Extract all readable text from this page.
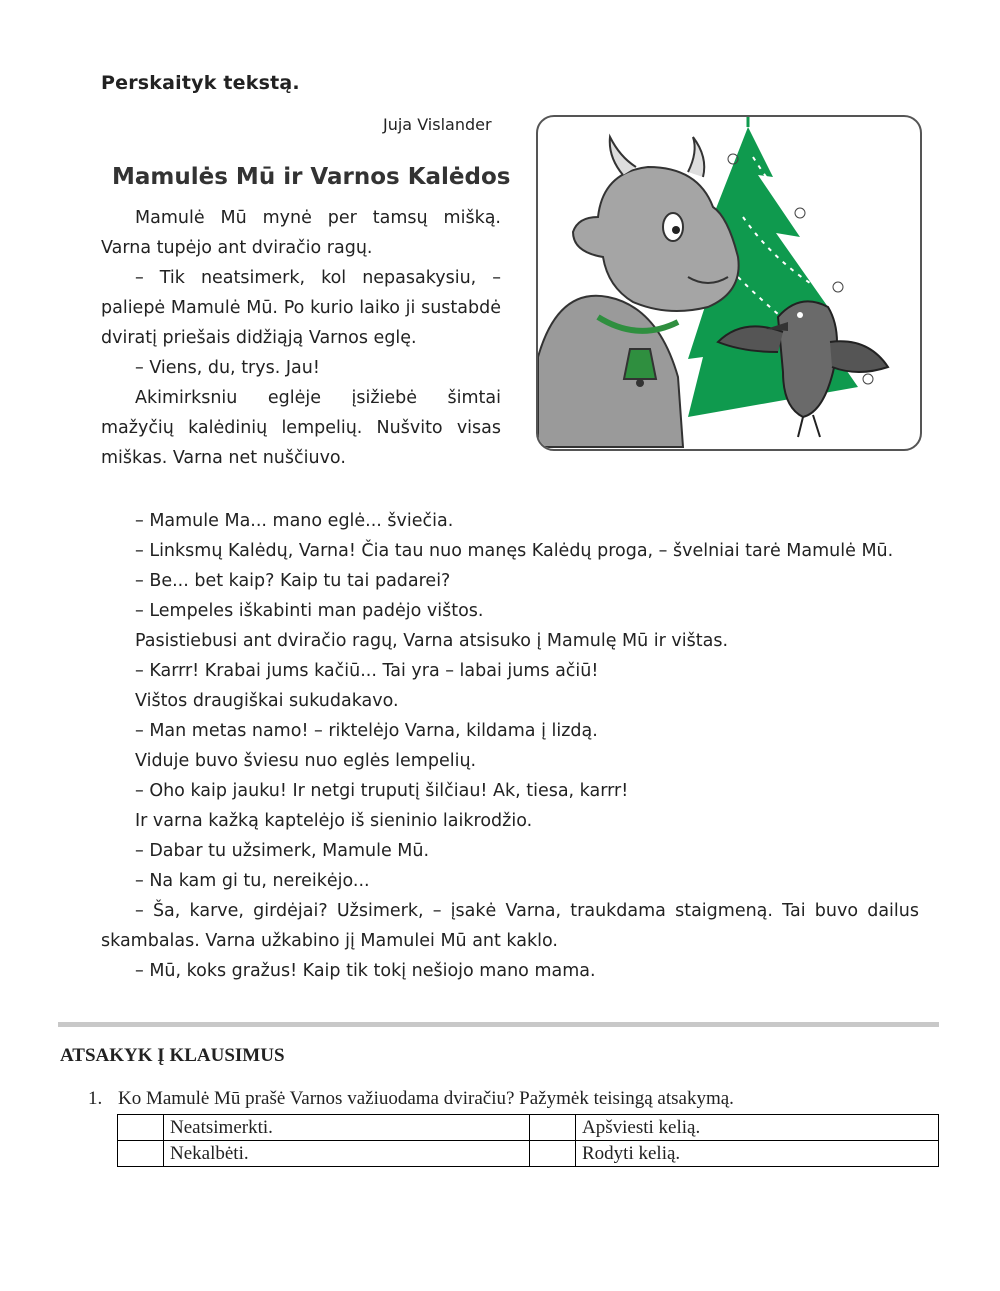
Perskaityk tekstą.
Juja Vislander
Mamulės Mū ir Varnos Kalėdos

Mamulė Mū mynė per tamsų mišką. Varna tupėjo ant dviračio ragų.

– Tik neatsimerk, kol nepasakysiu, – paliepė Mamulė Mū. Po kurio laiko ji sustabdė dviratį priešais didžiąją Varnos eglę.

– Viens, du, trys. Jau!

Akimirksniu eglėje įsižiebė šimtai mažyčių kalėdinių lempelių. Nušvito visas miškas. Varna net nuščiuvo.

– Mamule Ma... mano eglė... šviečia.

– Linksmų Kalėdų, Varna! Čia tau nuo manęs Kalėdų proga, – švelniai tarė Mamulė Mū.

– Be... bet kaip? Kaip tu tai padarei?

– Lempeles iškabinti man padėjo vištos.

Pasistiebusi ant dviračio ragų, Varna atsisuko į Mamulę Mū ir vištas.

– Karrr! Krabai jums kačiū... Tai yra – labai jums ačiū!

Vištos draugiškai sukudakavo.

– Man metas namo! – riktelėjo Varna, kildama į lizdą.

Viduje buvo šviesu nuo eglės lempelių.

– Oho kaip jauku! Ir netgi truputį šilčiau! Ak, tiesa, karrr!

Ir varna kažką kaptelėjo iš sieninio laikrodžio.

– Dabar tu užsimerk, Mamule Mū.

– Na kam gi tu, nereikėjo...

– Ša, karve, girdėjai? Užsimerk, – įsakė Varna, traukdama staigmeną. Tai buvo dailus skambalas. Varna užkabino jį Mamulei Mū ant kaklo.

– Mū, koks gražus! Kaip tik tokį nešiojo mano mama.

ATSAKYK Į KLAUSIMUS
1. Ko Mamulė Mū prašė Varnos važiuodama dviračiu? Pažymėk teisingą atsakymą.
	Neatsimerkti.		Apšviesti kelią.
	Nekalbėti.		Rodyti kelią.
